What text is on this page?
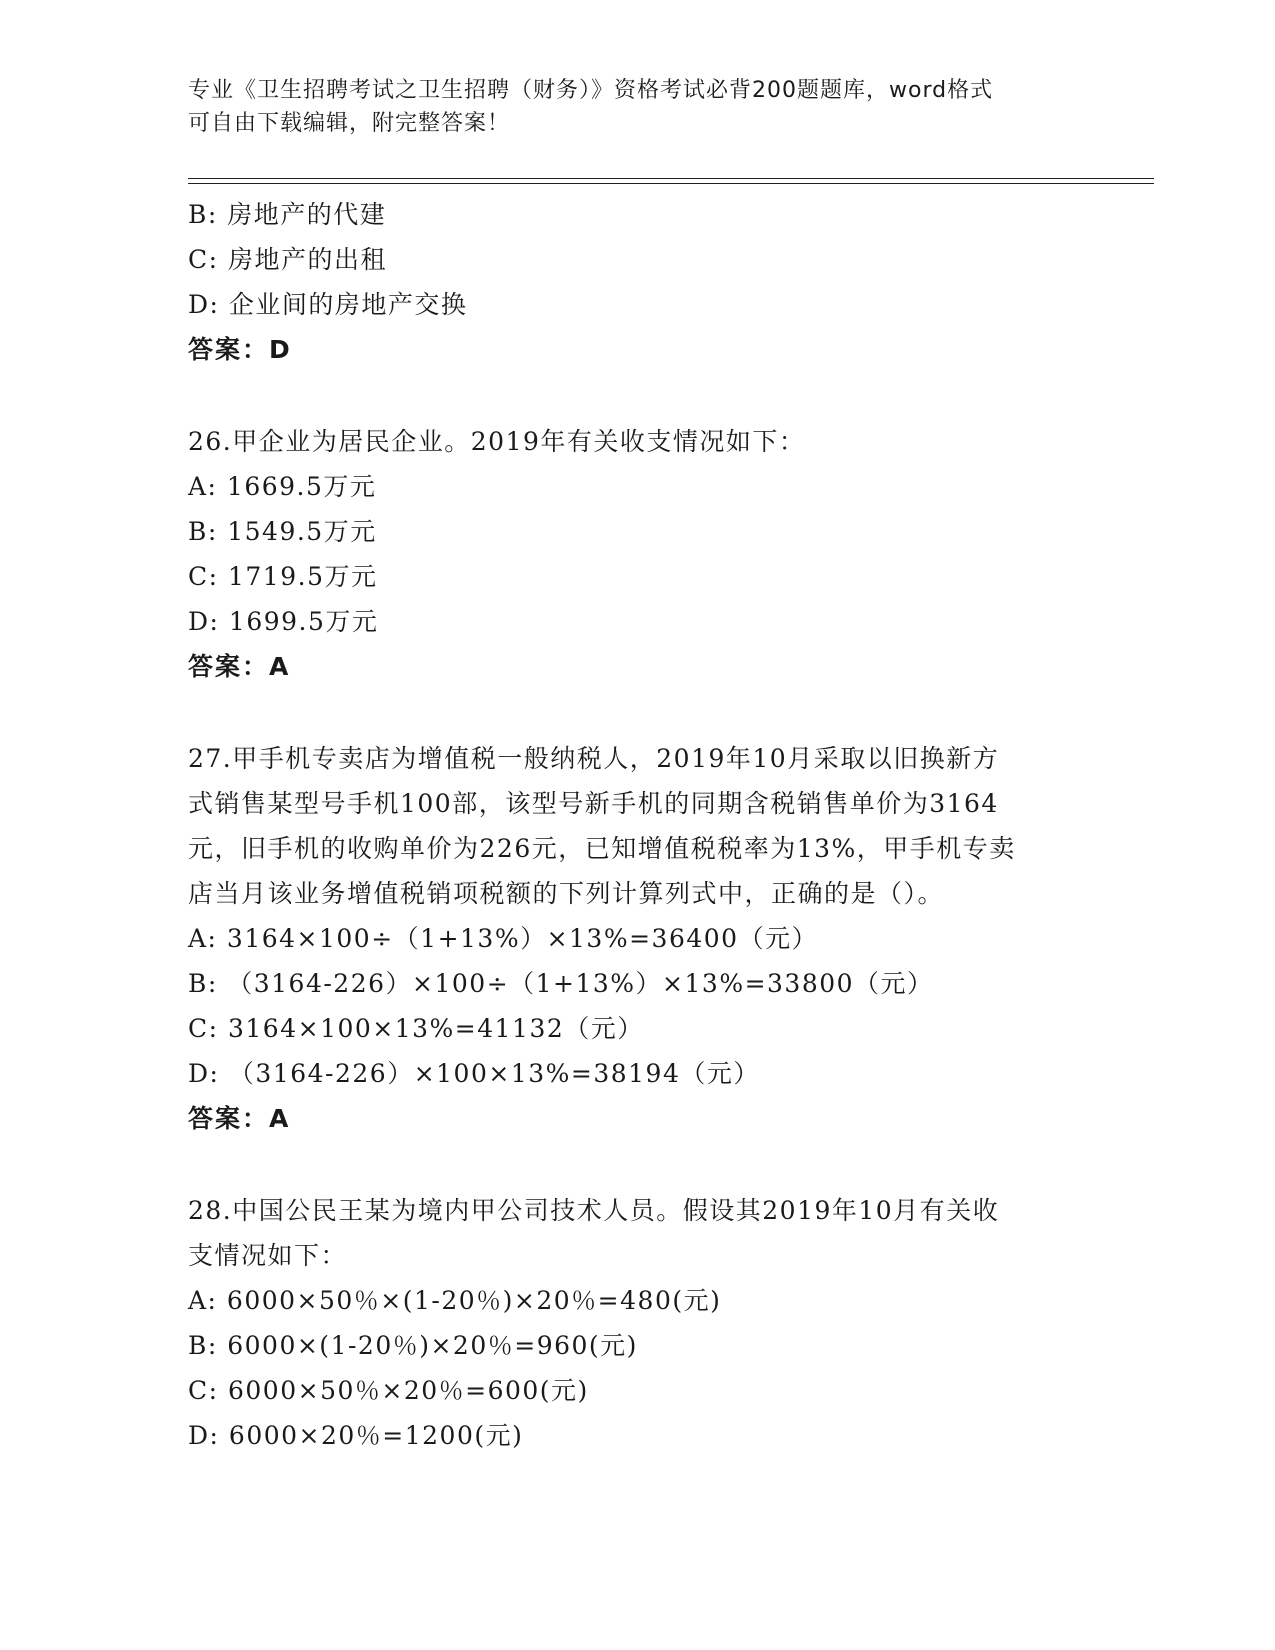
专业《卫生招聘考试之卫生招聘（财务）》资格考试必背200题题库，word格式
可自由下载编辑，附完整答案！
B: 房地产的代建
C: 房地产的出租
D: 企业间的房地产交换
答案：D
26.甲企业为居民企业。2019年有关收支情况如下：
A: 1669.5万元
B: 1549.5万元
C: 1719.5万元
D: 1699.5万元
答案：A
27.甲手机专卖店为增值税一般纳税人，2019年10月采取以旧换新方
式销售某型号手机100部，该型号新手机的同期含税销售单价为3164
元，旧手机的收购单价为226元，已知增值税税率为13%，甲手机专卖
店当月该业务增值税销项税额的下列计算列式中，正确的是（）。
A: 3164×100÷（1+13%）×13%=36400（元）
B: （3164-226）×100÷（1+13%）×13%=33800（元）
C: 3164×100×13%=41132（元）
D: （3164-226）×100×13%=38194（元）
答案：A
28.中国公民王某为境内甲公司技术人员。假设其2019年10月有关收
支情况如下：
A: 6000×50％×(1-20％)×20％=480(元)
B: 6000×(1-20％)×20％=960(元)
C: 6000×50％×20％=600(元)
D: 6000×20％=1200(元)
